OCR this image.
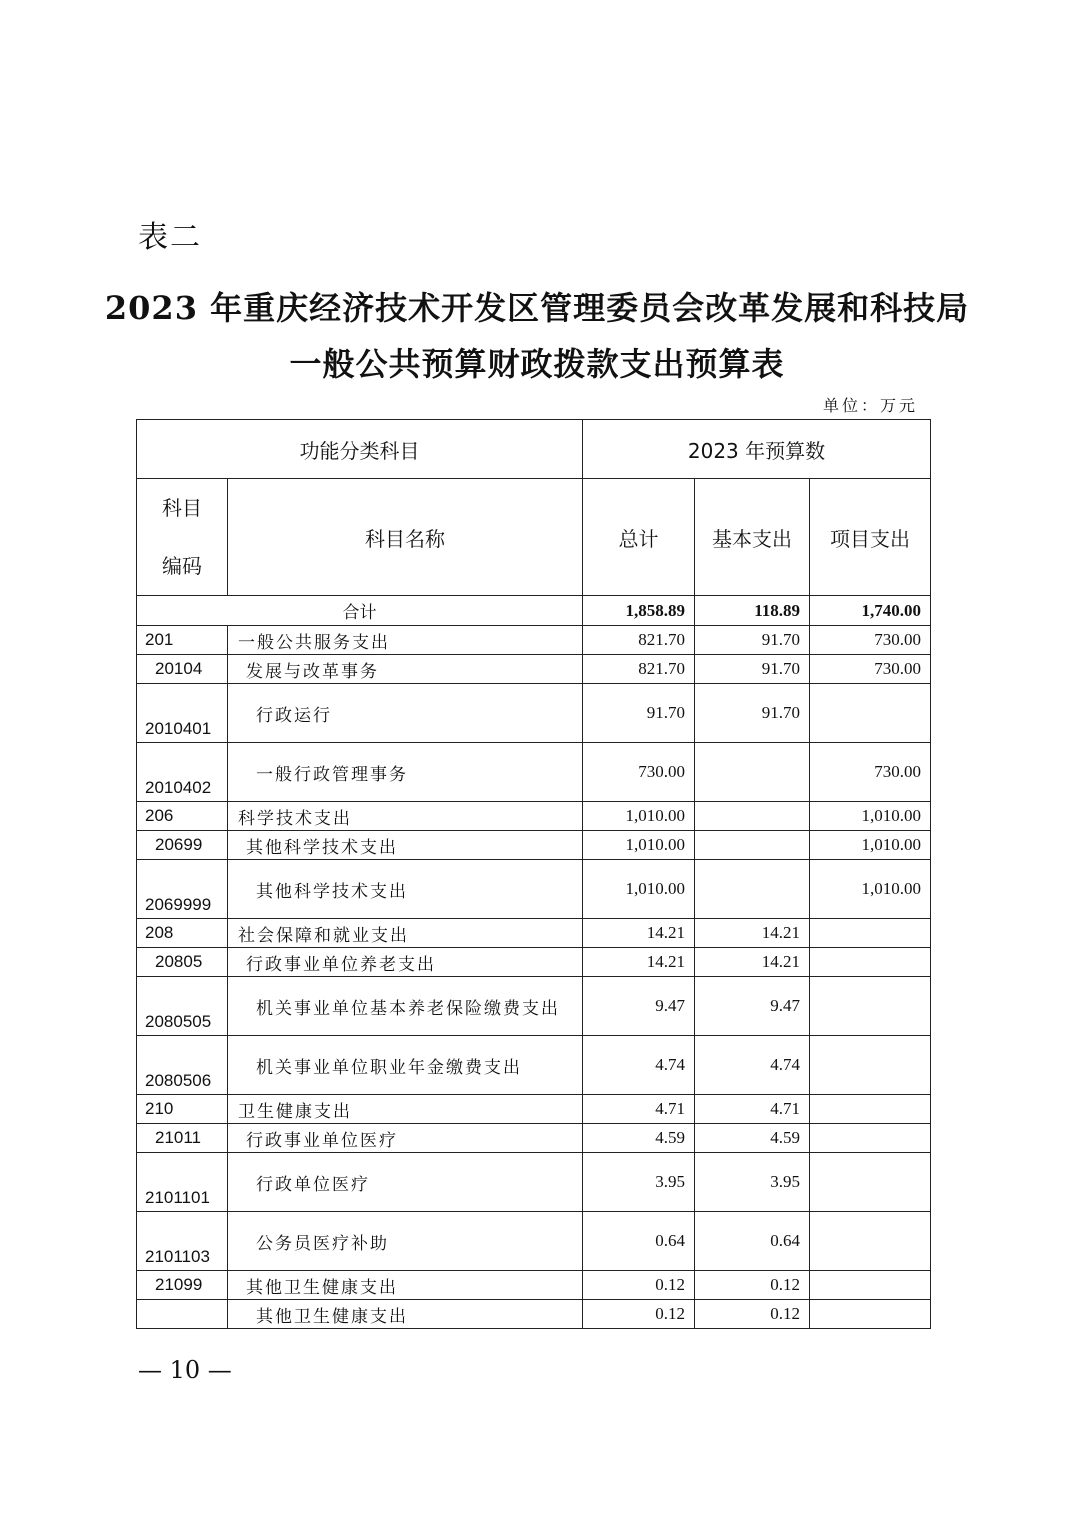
表二
2023 年重庆经济技术开发区管理委员会改革发展和科技局
一般公共预算财政拨款支出预算表
单位：万元
功能分类科目		2023 年预算数		

科目
编码	科目名称	总计	基本支出	项目支出
合计		1,858.89	118.89	1,740.00
201	一般公共服务支出	821.70	91.70	730.00
20104	发展与改革事务	821.70	91.70	730.00
2010401	行政运行	91.70	91.70	
2010402	一般行政管理事务	730.00		730.00
206	科学技术支出	1,010.00		1,010.00
20699	其他科学技术支出	1,010.00		1,010.00
2069999	其他科学技术支出	1,010.00		1,010.00
208	社会保障和就业支出	14.21	14.21	
20805	行政事业单位养老支出	14.21	14.21	
2080505	机关事业单位基本养老保险缴费支出	9.47	9.47	
2080506	机关事业单位职业年金缴费支出	4.74	4.74	
210	卫生健康支出	4.71	4.71	
21011	行政事业单位医疗	4.59	4.59	
2101101	行政单位医疗	3.95	3.95	
2101103	公务员医疗补助	0.64	0.64	
21099	其他卫生健康支出	0.12	0.12	
	其他卫生健康支出	0.12	0.12	
— 10 —
